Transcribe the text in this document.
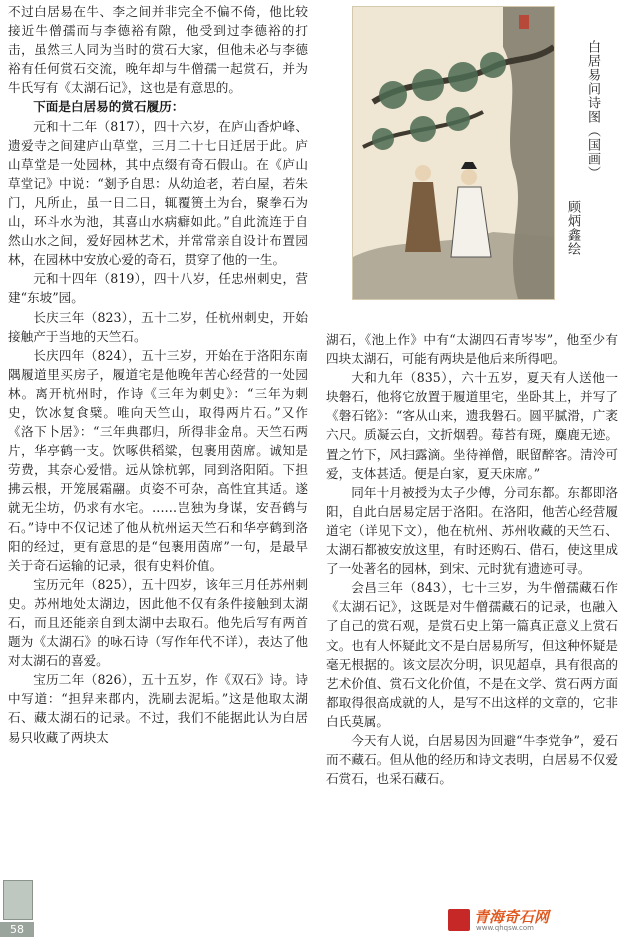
不过白居易在牛、李之间并非完全不偏不倚，他比较接近牛僧孺而与李德裕有隙，他受到过李德裕的打击，虽然三人同为当时的赏石大家，但他未必与李德裕有任何赏石交流，晚年却与牛僧孺一起赏石，并为牛氏写有《太湖石记》，这也是有意思的。

下面是白居易的赏石履历：

元和十二年（817），四十六岁，在庐山香炉峰、遗爱寺之间建庐山草堂，三月二十七日迁居于此。庐山草堂是一处园林，其中点缀有奇石假山。在《庐山草堂记》中说：“剗予自思：从幼迨老，若白屋，若朱门，凡所止，虽一日二日，辄覆篑土为台，聚拳石为山，环斗水为池，其喜山水病癖如此。”自此流连于自然山水之间，爱好园林艺术，并常常亲自设计布置园林，在园林中安放心爱的奇石，贯穿了他的一生。

元和十四年（819），四十八岁，任忠州刺史，营建“东坡”园。

长庆三年（823），五十二岁，任杭州刺史，开始接触产于当地的天竺石。

长庆四年（824），五十三岁，开始在于洛阳东南隅履道里买房子，履道宅是他晚年苦心经营的一处园林。离开杭州时，作诗《三年为刺史》：“三年为刺史，饮冰复食檗。唯向天竺山，取得两片石。”又作《洛下卜居》：“三年典郡归，所得非金帛。天竺石两片，华亭鹤一支。饮啄供稻粱，包裹用茵席。诚知是劳费，其奈心爱惜。远从馀杭郭，同到洛阳陌。下担拂云根，开笼展霜翮。贞姿不可杂，高性宜其适。遂就无尘坊，仍求有水宅。……岂独为身谋，安吾鹤与石。”诗中不仅记述了他从杭州运天竺石和华亭鹤到洛阳的经过，更有意思的是“包裹用茵席”一句，是最早关于奇石运输的记录，很有史料价值。

宝历元年（825），五十四岁，该年三月任苏州刺史。苏州地处太湖边，因此他不仅有条件接触到太湖石，而且还能亲自到太湖中去取石。他先后写有两首题为《太湖石》的咏石诗（写作年代不详），表达了他对太湖石的喜爱。

宝历二年（826），五十五岁，作《双石》诗。诗中写道：“担舁来郡内，洗刷去泥垢。”这是他取太湖石、藏太湖石的记录。不过，我们不能据此认为白居易只收藏了两块太

白居易问诗图（国画）
顾炳鑫绘

湖石，《池上作》中有“太湖四石青岑岑”，他至少有四块太湖石，可能有两块是他后来所得吧。

大和九年（835），六十五岁，夏天有人送他一块磐石，他将它放置于履道里宅，坐卧其上，并写了《磐石铭》：“客从山来，遗我磐石。圆平腻滑，广袤六尺。质凝云白，文折烟碧。莓苔有斑，麋鹿无迹。置之竹下，风扫露滴。坐待禅僧，眠留醉客。清泠可爱，支体甚适。便是白家，夏天床席。”

同年十月被授为太子少傅，分司东都。东都即洛阳，自此白居易定居于洛阳。在洛阳，他苦心经营履道宅（详见下文），他在杭州、苏州收藏的天竺石、太湖石都被安放这里，有时还购石、借石，使这里成了一处著名的园林，到宋、元时犹有遗迹可寻。

会昌三年（843），七十三岁，为牛僧孺藏石作《太湖石记》，这既是对牛僧孺藏石的记录，也融入了自己的赏石观，是赏石史上第一篇真正意义上赏石文。也有人怀疑此文不是白居易所写，但这种怀疑是毫无根据的。该文层次分明，识见超卓，具有很高的艺术价值、赏石文化价值，不是在文学、赏石两方面都取得很高成就的人，是写不出这样的文章的，它非白氏莫属。

今天有人说，白居易因为回避“牛李党争”，爱石而不藏石。但从他的经历和诗文表明，白居易不仅爱石赏石，也采石藏石。

58
青海奇石网
www.qhqsw.com
